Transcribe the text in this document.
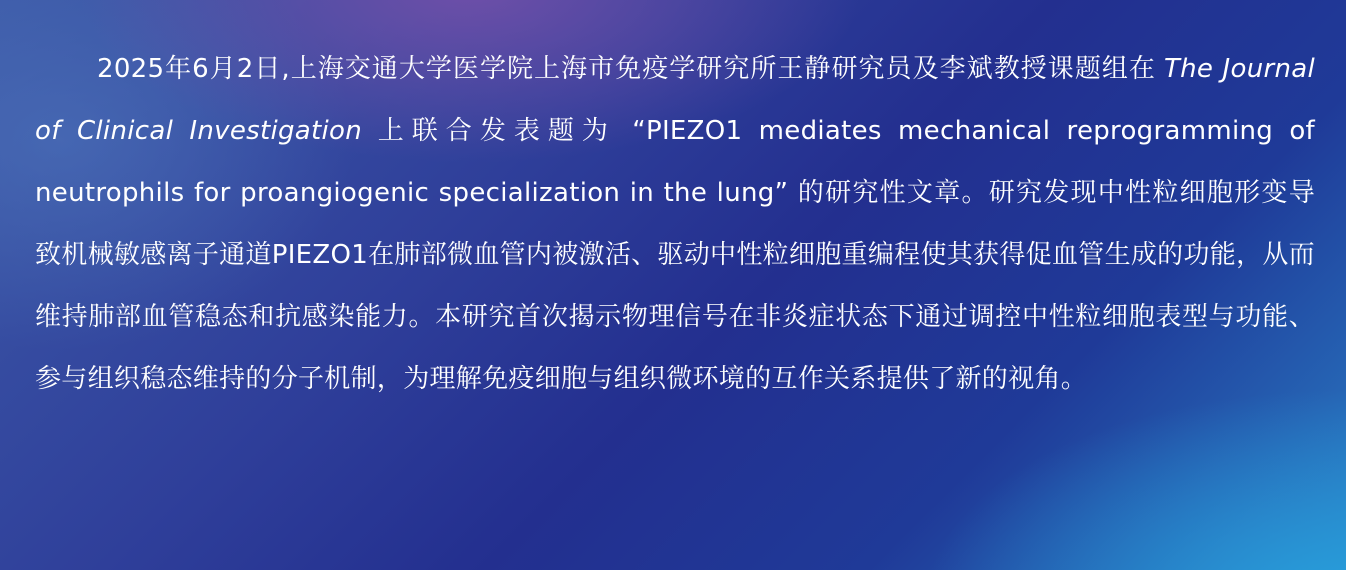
2025年6月2日,上海交通大学医学院上海市免疫学研究所王静研究员及李斌教授课题组在 The Journal of Clinical Investigation 上联合发表题为 “PIEZO1 mediates mechanical reprogramming of neutrophils for proangiogenic specialization in the lung” 的研究性文章。研究发现中性粒细胞形变导致机械敏感离子通道PIEZO1在肺部微血管内被激活、驱动中性粒细胞重编程使其获得促血管生成的功能，从而维持肺部血管稳态和抗感染能力。本研究首次揭示物理信号在非炎症状态下通过调控中性粒细胞表型与功能、参与组织稳态维持的分子机制，为理解免疫细胞与组织微环境的互作关系提供了新的视角。
